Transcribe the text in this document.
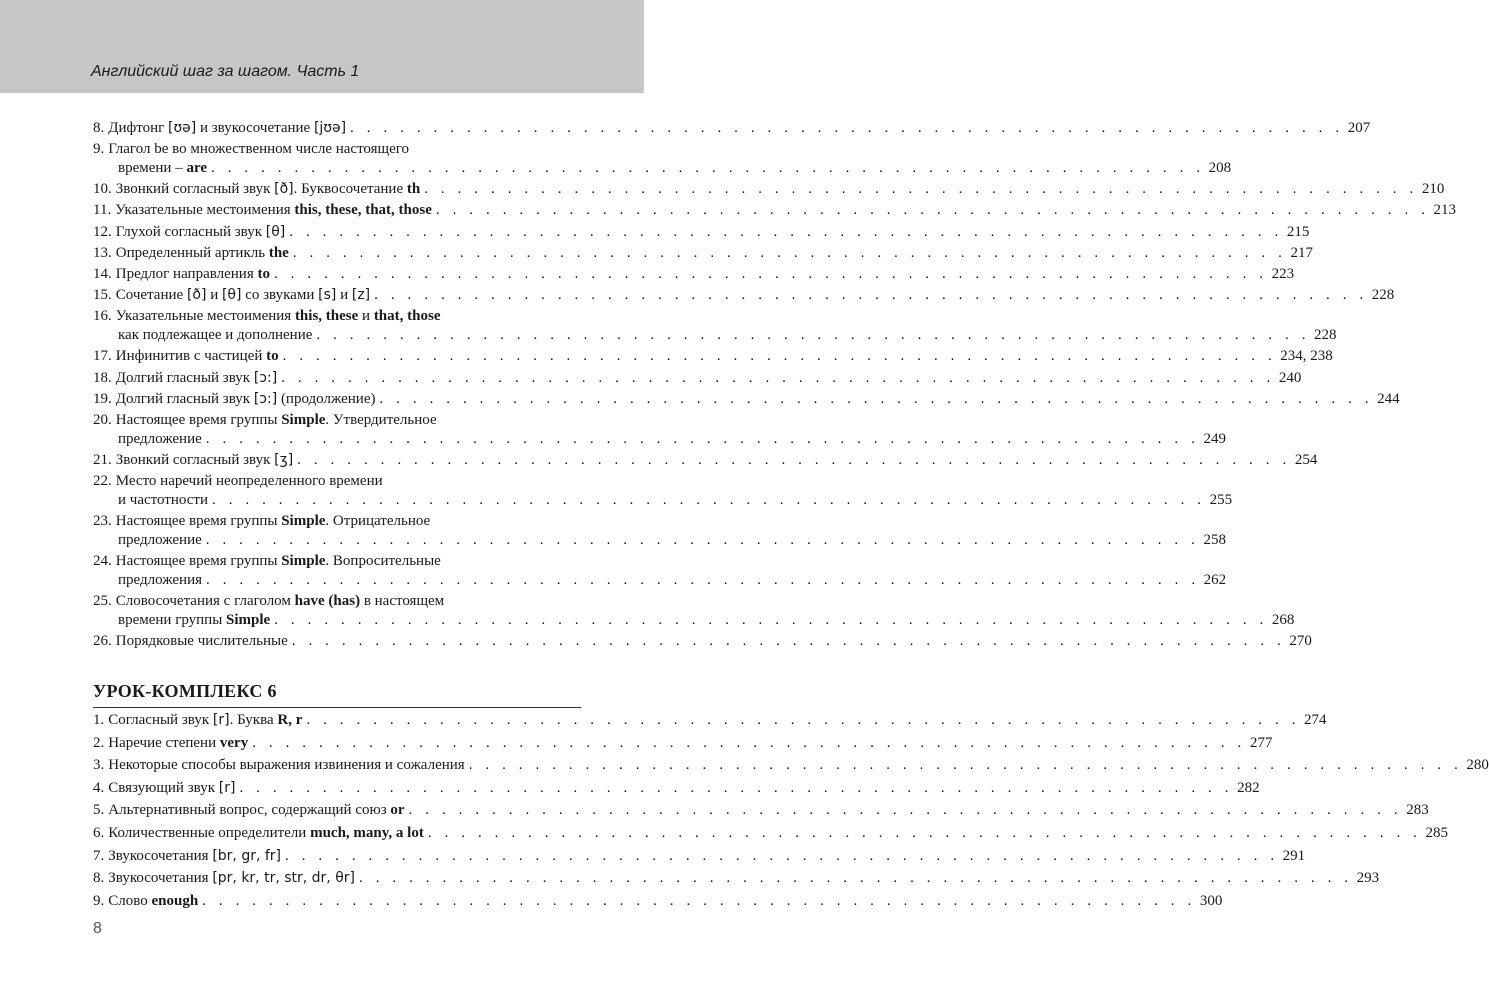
Английский шаг за шагом. Часть 1
8. Дифтонг [ʊə] и звукосочетание [jʊə] . . . . . . . . . . . . . . . . . . . . . . . . . . . . . . . . . . . . . . . . . . . . . . . . . . . . . . . . . . . . 207
9. Глагол be во множественном числе настоящего
времени – are . . . . . . . . . . . . . . . . . . . . . . . . . . . . . . . . . . . . . . . . . . . . . . . . . . . . . . . . . . . . 208
10. Звонкий согласный звук [ð]. Буквосочетание th . . . . . . . . . . . . . . . . . . . . . . . . . . . . . . . . . . . . . . . . . . . . . . . . . . . . . . . . . . . . 210
11. Указательные местоимения this, these, that, those . . . . . . . . . . . . . . . . . . . . . . . . . . . . . . . . . . . . . . . . . . . . . . . . . . . . . . . . . . . . 213
12. Глухой согласный звук [θ] . . . . . . . . . . . . . . . . . . . . . . . . . . . . . . . . . . . . . . . . . . . . . . . . . . . . . . . . . . . . 215
13. Определенный артикль the . . . . . . . . . . . . . . . . . . . . . . . . . . . . . . . . . . . . . . . . . . . . . . . . . . . . . . . . . . . . 217
14. Предлог направления to . . . . . . . . . . . . . . . . . . . . . . . . . . . . . . . . . . . . . . . . . . . . . . . . . . . . . . . . . . . . 223
15. Сочетание [ð] и [θ] со звуками [s] и [z] . . . . . . . . . . . . . . . . . . . . . . . . . . . . . . . . . . . . . . . . . . . . . . . . . . . . . . . . . . . . 228
16. Указательные местоимения this, these и that, those
как подлежащее и дополнение . . . . . . . . . . . . . . . . . . . . . . . . . . . . . . . . . . . . . . . . . . . . . . . . . . . . . . . . . . . . 228
17. Инфинитив с частицей to . . . . . . . . . . . . . . . . . . . . . . . . . . . . . . . . . . . . . . . . . . . . . . . . . . . . . . . . . . . . 234, 238
18. Долгий гласный звук [ɔ:] . . . . . . . . . . . . . . . . . . . . . . . . . . . . . . . . . . . . . . . . . . . . . . . . . . . . . . . . . . . . 240
19. Долгий гласный звук [ɔ:] (продолжение) . . . . . . . . . . . . . . . . . . . . . . . . . . . . . . . . . . . . . . . . . . . . . . . . . . . . . . . . . . . . 244
20. Настоящее время группы Simple. Утвердительное
предложение . . . . . . . . . . . . . . . . . . . . . . . . . . . . . . . . . . . . . . . . . . . . . . . . . . . . . . . . . . . . 249
21. Звонкий согласный звук [ʒ] . . . . . . . . . . . . . . . . . . . . . . . . . . . . . . . . . . . . . . . . . . . . . . . . . . . . . . . . . . . . 254
22. Место наречий неопределенного времени
и частотности . . . . . . . . . . . . . . . . . . . . . . . . . . . . . . . . . . . . . . . . . . . . . . . . . . . . . . . . . . . . 255
23. Настоящее время группы Simple. Отрицательное
предложение . . . . . . . . . . . . . . . . . . . . . . . . . . . . . . . . . . . . . . . . . . . . . . . . . . . . . . . . . . . . 258
24. Настоящее время группы Simple. Вопросительные
предложения . . . . . . . . . . . . . . . . . . . . . . . . . . . . . . . . . . . . . . . . . . . . . . . . . . . . . . . . . . . . 262
25. Словосочетания с глаголом have (has) в настоящем
времени группы Simple . . . . . . . . . . . . . . . . . . . . . . . . . . . . . . . . . . . . . . . . . . . . . . . . . . . . . . . . . . . . 268
26. Порядковые числительные . . . . . . . . . . . . . . . . . . . . . . . . . . . . . . . . . . . . . . . . . . . . . . . . . . . . . . . . . . . . 270
УРОК-КОМПЛЕКС 6
1. Согласный звук [r]. Буква R, r . . . . . . . . . . . . . . . . . . . . . . . . . . . . . . . . . . . . . . . . . . . . . . . . . . . . . . . . . . . . 274
2. Наречие степени very . . . . . . . . . . . . . . . . . . . . . . . . . . . . . . . . . . . . . . . . . . . . . . . . . . . . . . . . . . . . 277
3. Некоторые способы выражения извинения и сожаления . . . . . . . . . . . . . . . . . . . . . . . . . . . . . . . . . . . . . . . . . . . . . . . . . . . . . . . . . . . . 280
4. Связующий звук [r] . . . . . . . . . . . . . . . . . . . . . . . . . . . . . . . . . . . . . . . . . . . . . . . . . . . . . . . . . . . . 282
5. Альтернативный вопрос, содержащий союз or . . . . . . . . . . . . . . . . . . . . . . . . . . . . . . . . . . . . . . . . . . . . . . . . . . . . . . . . . . . . 283
6. Количественные определители much, many, a lot . . . . . . . . . . . . . . . . . . . . . . . . . . . . . . . . . . . . . . . . . . . . . . . . . . . . . . . . . . . . 285
7. Звукосочетания [br, gr, fr] . . . . . . . . . . . . . . . . . . . . . . . . . . . . . . . . . . . . . . . . . . . . . . . . . . . . . . . . . . . . 291
8. Звукосочетания [pr, kr, tr, str, dr, θr] . . . . . . . . . . . . . . . . . . . . . . . . . . . . . . . . . . . . . . . . . . . . . . . . . . . . . . . . . . . . 293
9. Слово enough . . . . . . . . . . . . . . . . . . . . . . . . . . . . . . . . . . . . . . . . . . . . . . . . . . . . . . . . . . . . 300
8
